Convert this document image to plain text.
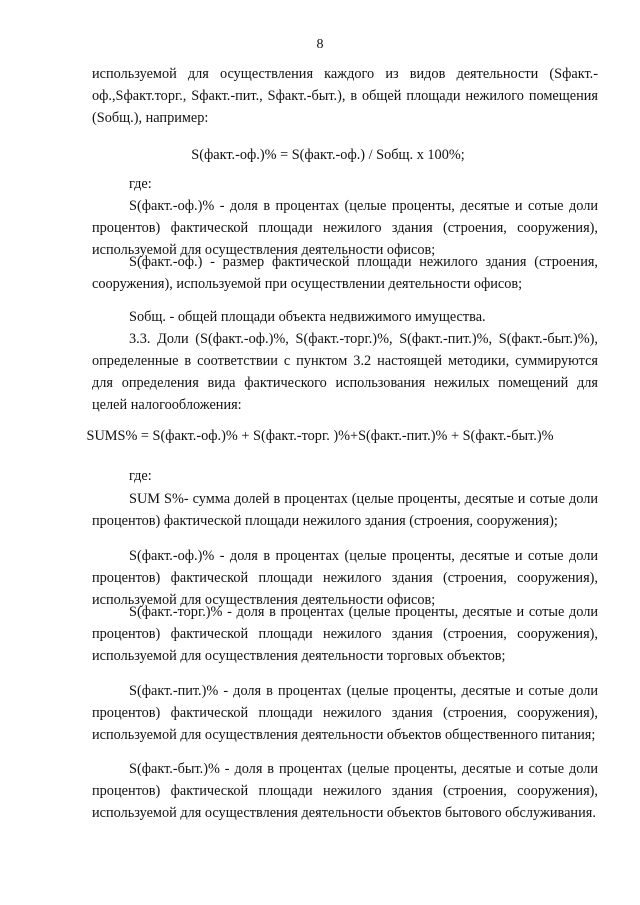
8

используемой для осуществления каждого из видов деятельности (Sфакт.-оф.,Sфакт.торг., Sфакт.-пит., Sфакт.-быт.), в общей площади нежилого помещения (Sобщ.), например:

S(факт.-оф.)% = S(факт.-оф.) / Sобщ. x 100%;

где:

S(факт.-оф.)% - доля в процентах (целые проценты, десятые и сотые доли процентов) фактической площади нежилого здания (строения, сооружения), используемой для осуществления деятельности офисов;

S(факт.-оф.) - размер фактической площади нежилого здания (строения, сооружения), используемой при осуществлении деятельности офисов;

Sобщ. - общей площади объекта недвижимого имущества.

3.3. Доли (S(факт.-оф.)%, S(факт.-торг.)%, S(факт.-пит.)%, S(факт.-быт.)%), определенные в соответствии с пунктом 3.2 настоящей методики, суммируются для определения вида фактического использования нежилых помещений для целей налогообложения:

SUMS% = S(факт.-оф.)% + S(факт.-торг. )%+S(факт.-пит.)% + S(факт.-быт.)%

где:

SUM S%- сумма долей в процентах (целые проценты, десятые и сотые доли процентов) фактической площади нежилого здания (строения, сооружения);

S(факт.-оф.)% - доля в процентах (целые проценты, десятые и сотые доли процентов) фактической площади нежилого здания (строения, сооружения), используемой для осуществления деятельности офисов;

S(факт.-торг.)% - доля в процентах (целые проценты, десятые и сотые доли процентов) фактической площади нежилого здания (строения, сооружения), используемой для осуществления деятельности торговых объектов;

S(факт.-пит.)% - доля в процентах (целые проценты, десятые и сотые доли процентов) фактической площади нежилого здания (строения, сооружения), используемой для осуществления деятельности объектов общественного питания;

S(факт.-быт.)% - доля в процентах (целые проценты, десятые и сотые доли процентов) фактической площади нежилого здания (строения, сооружения), используемой для осуществления деятельности объектов бытового обслуживания.
